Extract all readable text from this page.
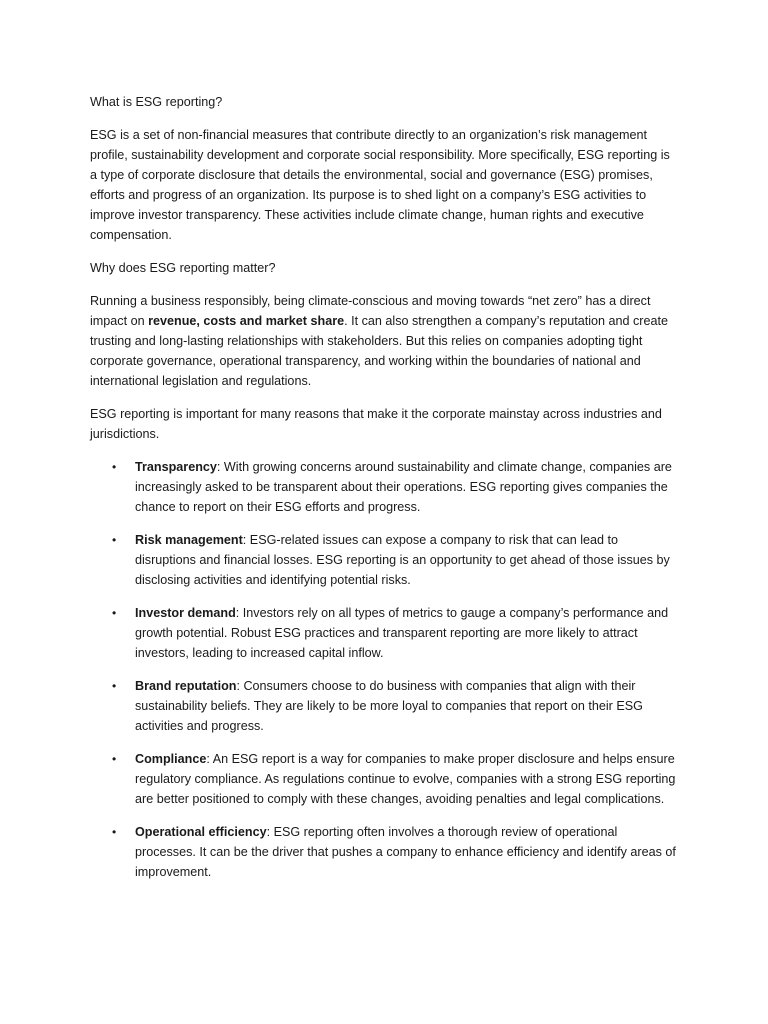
What is ESG reporting?

ESG is a set of non-financial measures that contribute directly to an organization’s risk management profile, sustainability development and corporate social responsibility. More specifically, ESG reporting is a type of corporate disclosure that details the environmental, social and governance (ESG) promises, efforts and progress of an organization. Its purpose is to shed light on a company’s ESG activities to improve investor transparency. These activities include climate change, human rights and executive compensation.

Why does ESG reporting matter?

Running a business responsibly, being climate-conscious and moving towards “net zero” has a direct impact on revenue, costs and market share. It can also strengthen a company’s reputation and create trusting and long-lasting relationships with stakeholders. But this relies on companies adopting tight corporate governance, operational transparency, and working within the boundaries of national and international legislation and regulations.

ESG reporting is important for many reasons that make it the corporate mainstay across industries and jurisdictions.

• Transparency: With growing concerns around sustainability and climate change, companies are increasingly asked to be transparent about their operations. ESG reporting gives companies the chance to report on their ESG efforts and progress.
• Risk management: ESG-related issues can expose a company to risk that can lead to disruptions and financial losses. ESG reporting is an opportunity to get ahead of those issues by disclosing activities and identifying potential risks.
• Investor demand: Investors rely on all types of metrics to gauge a company’s performance and growth potential. Robust ESG practices and transparent reporting are more likely to attract investors, leading to increased capital inflow.
• Brand reputation: Consumers choose to do business with companies that align with their sustainability beliefs. They are likely to be more loyal to companies that report on their ESG activities and progress.
• Compliance: An ESG report is a way for companies to make proper disclosure and helps ensure regulatory compliance. As regulations continue to evolve, companies with a strong ESG reporting are better positioned to comply with these changes, avoiding penalties and legal complications.
• Operational efficiency: ESG reporting often involves a thorough review of operational processes. It can be the driver that pushes a company to enhance efficiency and identify areas of improvement.
